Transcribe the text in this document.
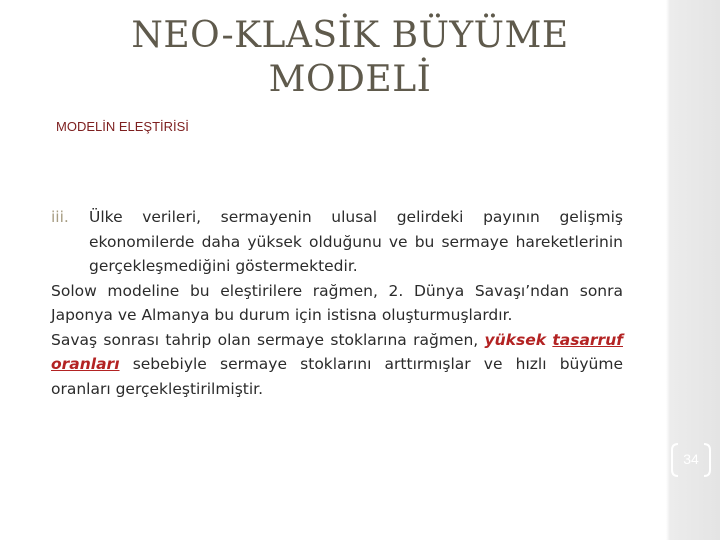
NEO-KLASİK BÜYÜME
MODELİ

MODELİN ELEŞTİRİSİ

iii.	Ülke verileri, sermayenin ulusal gelirdeki payının gelişmiş ekonomilerde daha yüksek olduğunu ve bu sermaye hareketlerinin gerçekleşmediğini göstermektedir.

Solow modeline bu eleştirilere rağmen, 2. Dünya Savaşı’ndan sonra Japonya ve Almanya bu durum için istisna oluşturmuşlardır.

Savaş sonrası tahrip olan sermaye stoklarına rağmen, yüksek tasarruf oranları sebebiyle sermaye stoklarını arttırmışlar ve hızlı büyüme oranları gerçekleştirilmiştir.

34
